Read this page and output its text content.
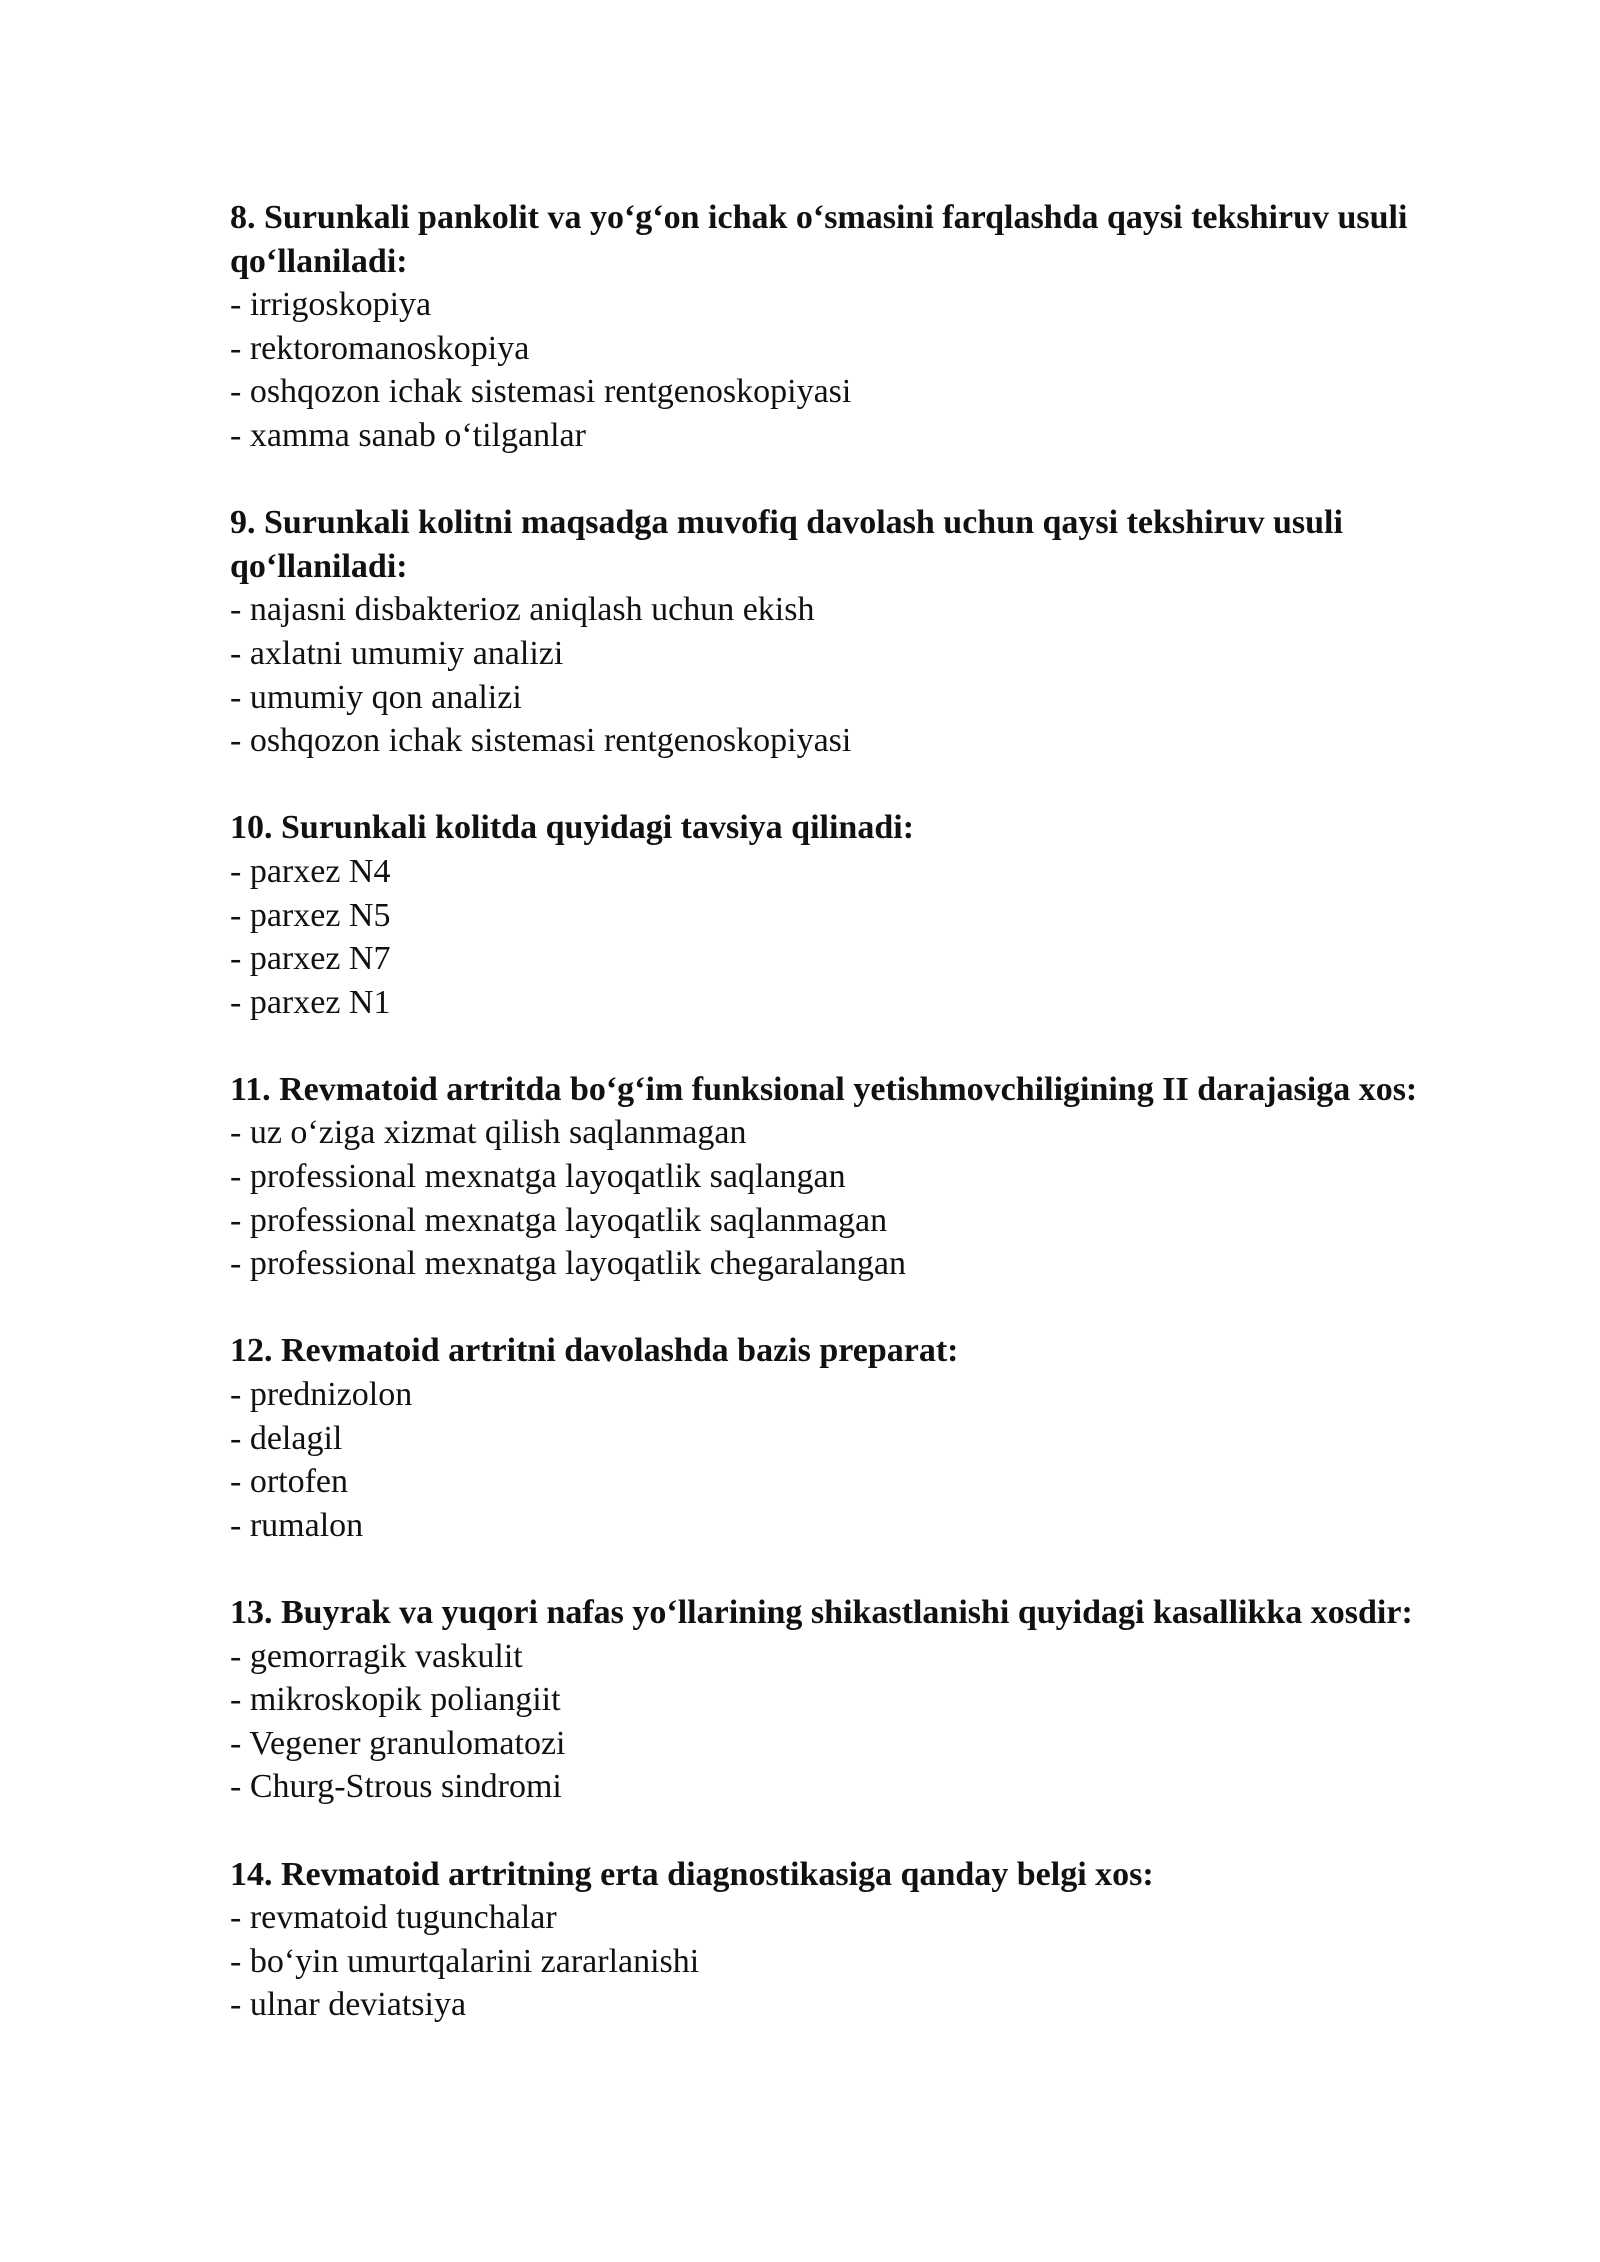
8. Surunkali pankolit va yo‘g‘on ichak o‘smasini farqlashda qaysi tekshiruv usuli qo‘llaniladi:

- irrigoskopiya
- rektoromanoskopiya
- oshqozon ichak sistemasi rentgenoskopiyasi
- xamma sanab o‘tilganlar

9. Surunkali kolitni maqsadga muvofiq davolash uchun qaysi tekshiruv usuli qo‘llaniladi:

- najasni disbakterioz aniqlash uchun ekish
- axlatni umumiy analizi
- umumiy qon analizi
- oshqozon ichak sistemasi rentgenoskopiyasi

10. Surunkali kolitda quyidagi tavsiya qilinadi:

- parxez N4
- parxez N5
- parxez N7
- parxez N1

11. Revmatoid artritda bo‘g‘im funksional yetishmovchiligining II darajasiga xos:

- uz o‘ziga xizmat qilish saqlanmagan
- professional mexnatga layoqatlik saqlangan
- professional mexnatga layoqatlik saqlanmagan
- professional mexnatga layoqatlik chegaralangan

12. Revmatoid artritni davolashda bazis preparat:

- prednizolon
- delagil
- ortofen
- rumalon

13. Buyrak va yuqori nafas yo‘llarining shikastlanishi quyidagi kasallikka xosdir:

- gemorragik vaskulit
- mikroskopik poliangiit
- Vegener granulomatozi
- Churg-Strous sindromi

14. Revmatoid artritning erta diagnostikasiga qanday belgi xos:

- revmatoid tugunchalar
- bo‘yin umurtqalarini zararlanishi
- ulnar deviatsiya
